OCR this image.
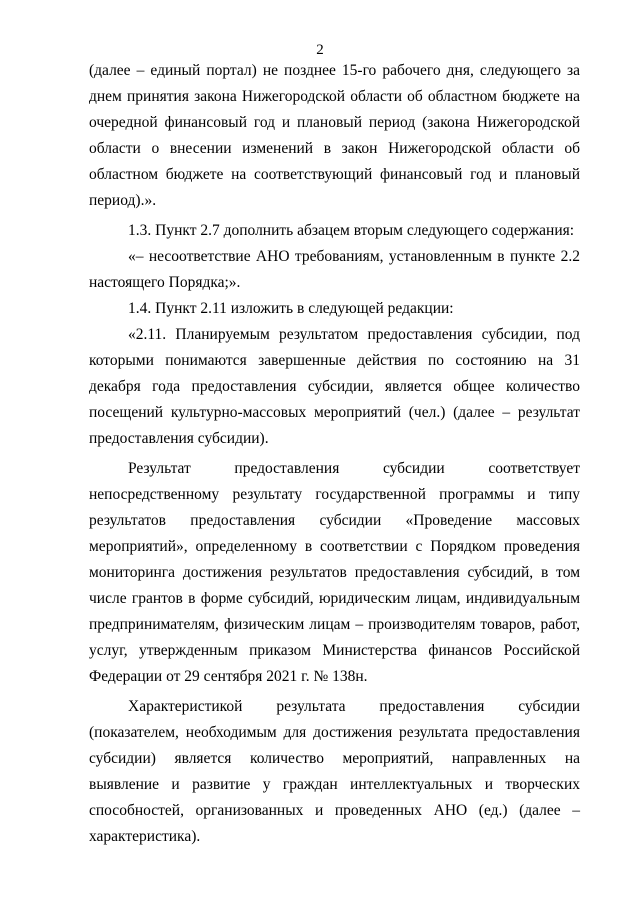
2

(далее – единый портал) не позднее 15-го рабочего дня, следующего за днем принятия закона Нижегородской области об областном бюджете на очередной финансовый год и плановый период (закона Нижегородской области о внесении изменений в закон Нижегородской области об областном бюджете на соответствующий финансовый год и плановый период).».

1.3. Пункт 2.7 дополнить абзацем вторым следующего содержания:

«– несоответствие АНО требованиям, установленным в пункте 2.2 настоящего Порядка;».

1.4. Пункт 2.11 изложить в следующей редакции:

«2.11. Планируемым результатом предоставления субсидии, под которыми понимаются завершенные действия по состоянию на 31 декабря года предоставления субсидии, является общее количество посещений культурно-массовых мероприятий (чел.) (далее – результат предоставления субсидии).

Результат предоставления субсидии соответствует непосредственному результату государственной программы и типу результатов предоставления субсидии «Проведение массовых мероприятий», определенному в соответствии с Порядком проведения мониторинга достижения результатов предоставления субсидий, в том числе грантов в форме субсидий, юридическим лицам, индивидуальным предпринимателям, физическим лицам – производителям товаров, работ, услуг, утвержденным приказом Министерства финансов Российской Федерации от 29 сентября 2021 г. № 138н.

Характеристикой результата предоставления субсидии (показателем, необходимым для достижения результата предоставления субсидии) является количество мероприятий, направленных на выявление и развитие у граждан интеллектуальных и творческих способностей, организованных и проведенных АНО (ед.) (далее – характеристика).
